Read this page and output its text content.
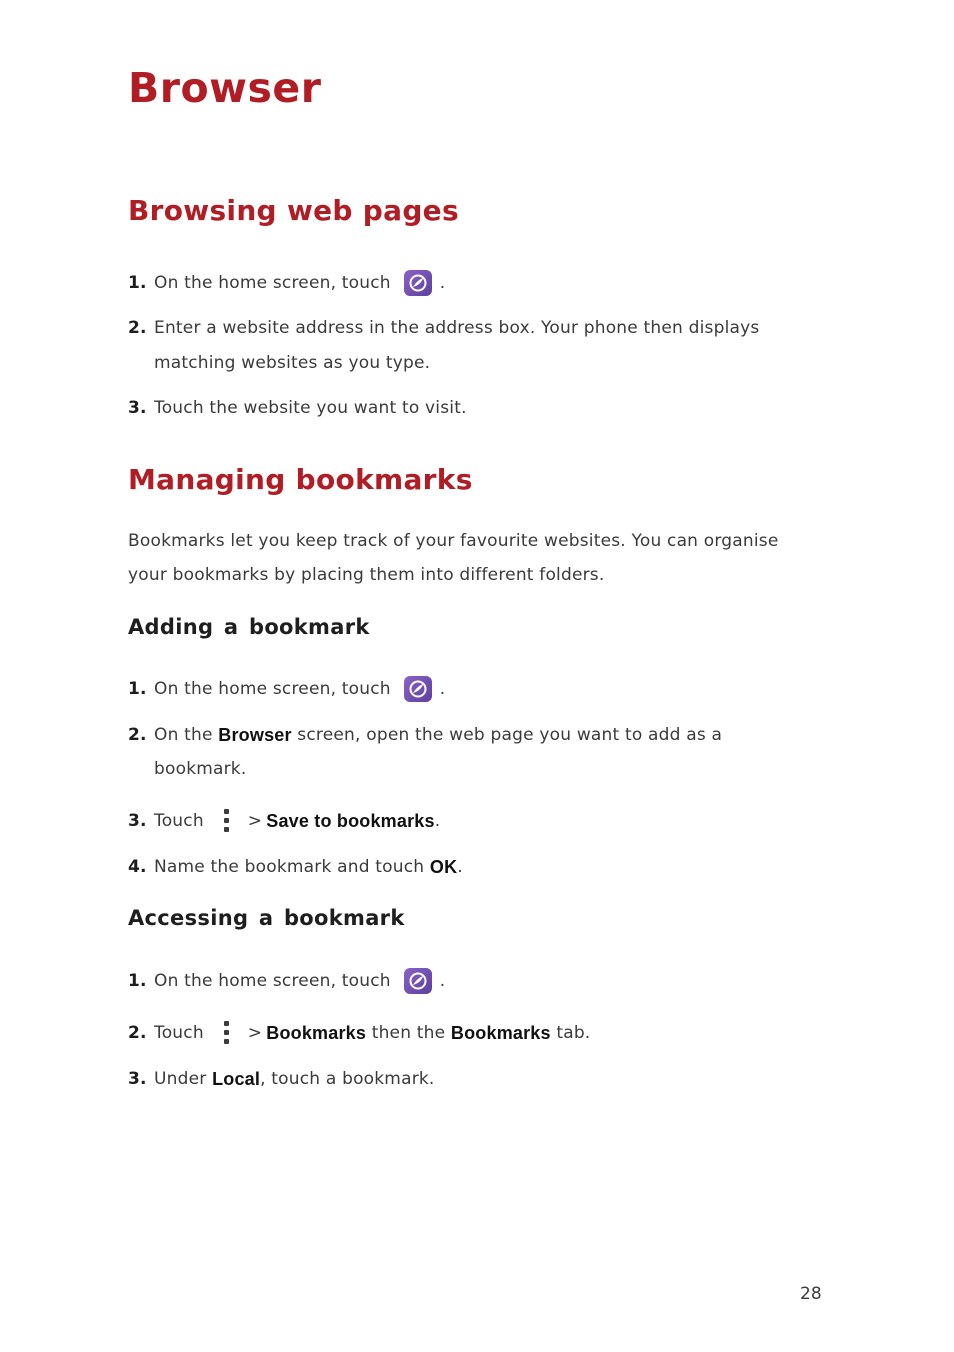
Browser
Browsing web pages
1. On the home screen, touch	.
2. Enter a website address in the address box. Your phone then displays
matching websites as you type.
3. Touch the website you want to visit.
Managing bookmarks
Bookmarks let you keep track of your favourite websites. You can organise
your bookmarks by placing them into different folders.
Adding a bookmark
1. On the home screen, touch	.
2. On the Browser screen, open the web page you want to add as a
bookmark.
3. Touch	> Save to bookmarks .
4. Name the bookmark and touch OK .
Accessing a bookmark
1. On the home screen, touch	.
2. Touch	> Bookmarks then the Bookmarks tab.
3. Under Local , touch a bookmark.
28
